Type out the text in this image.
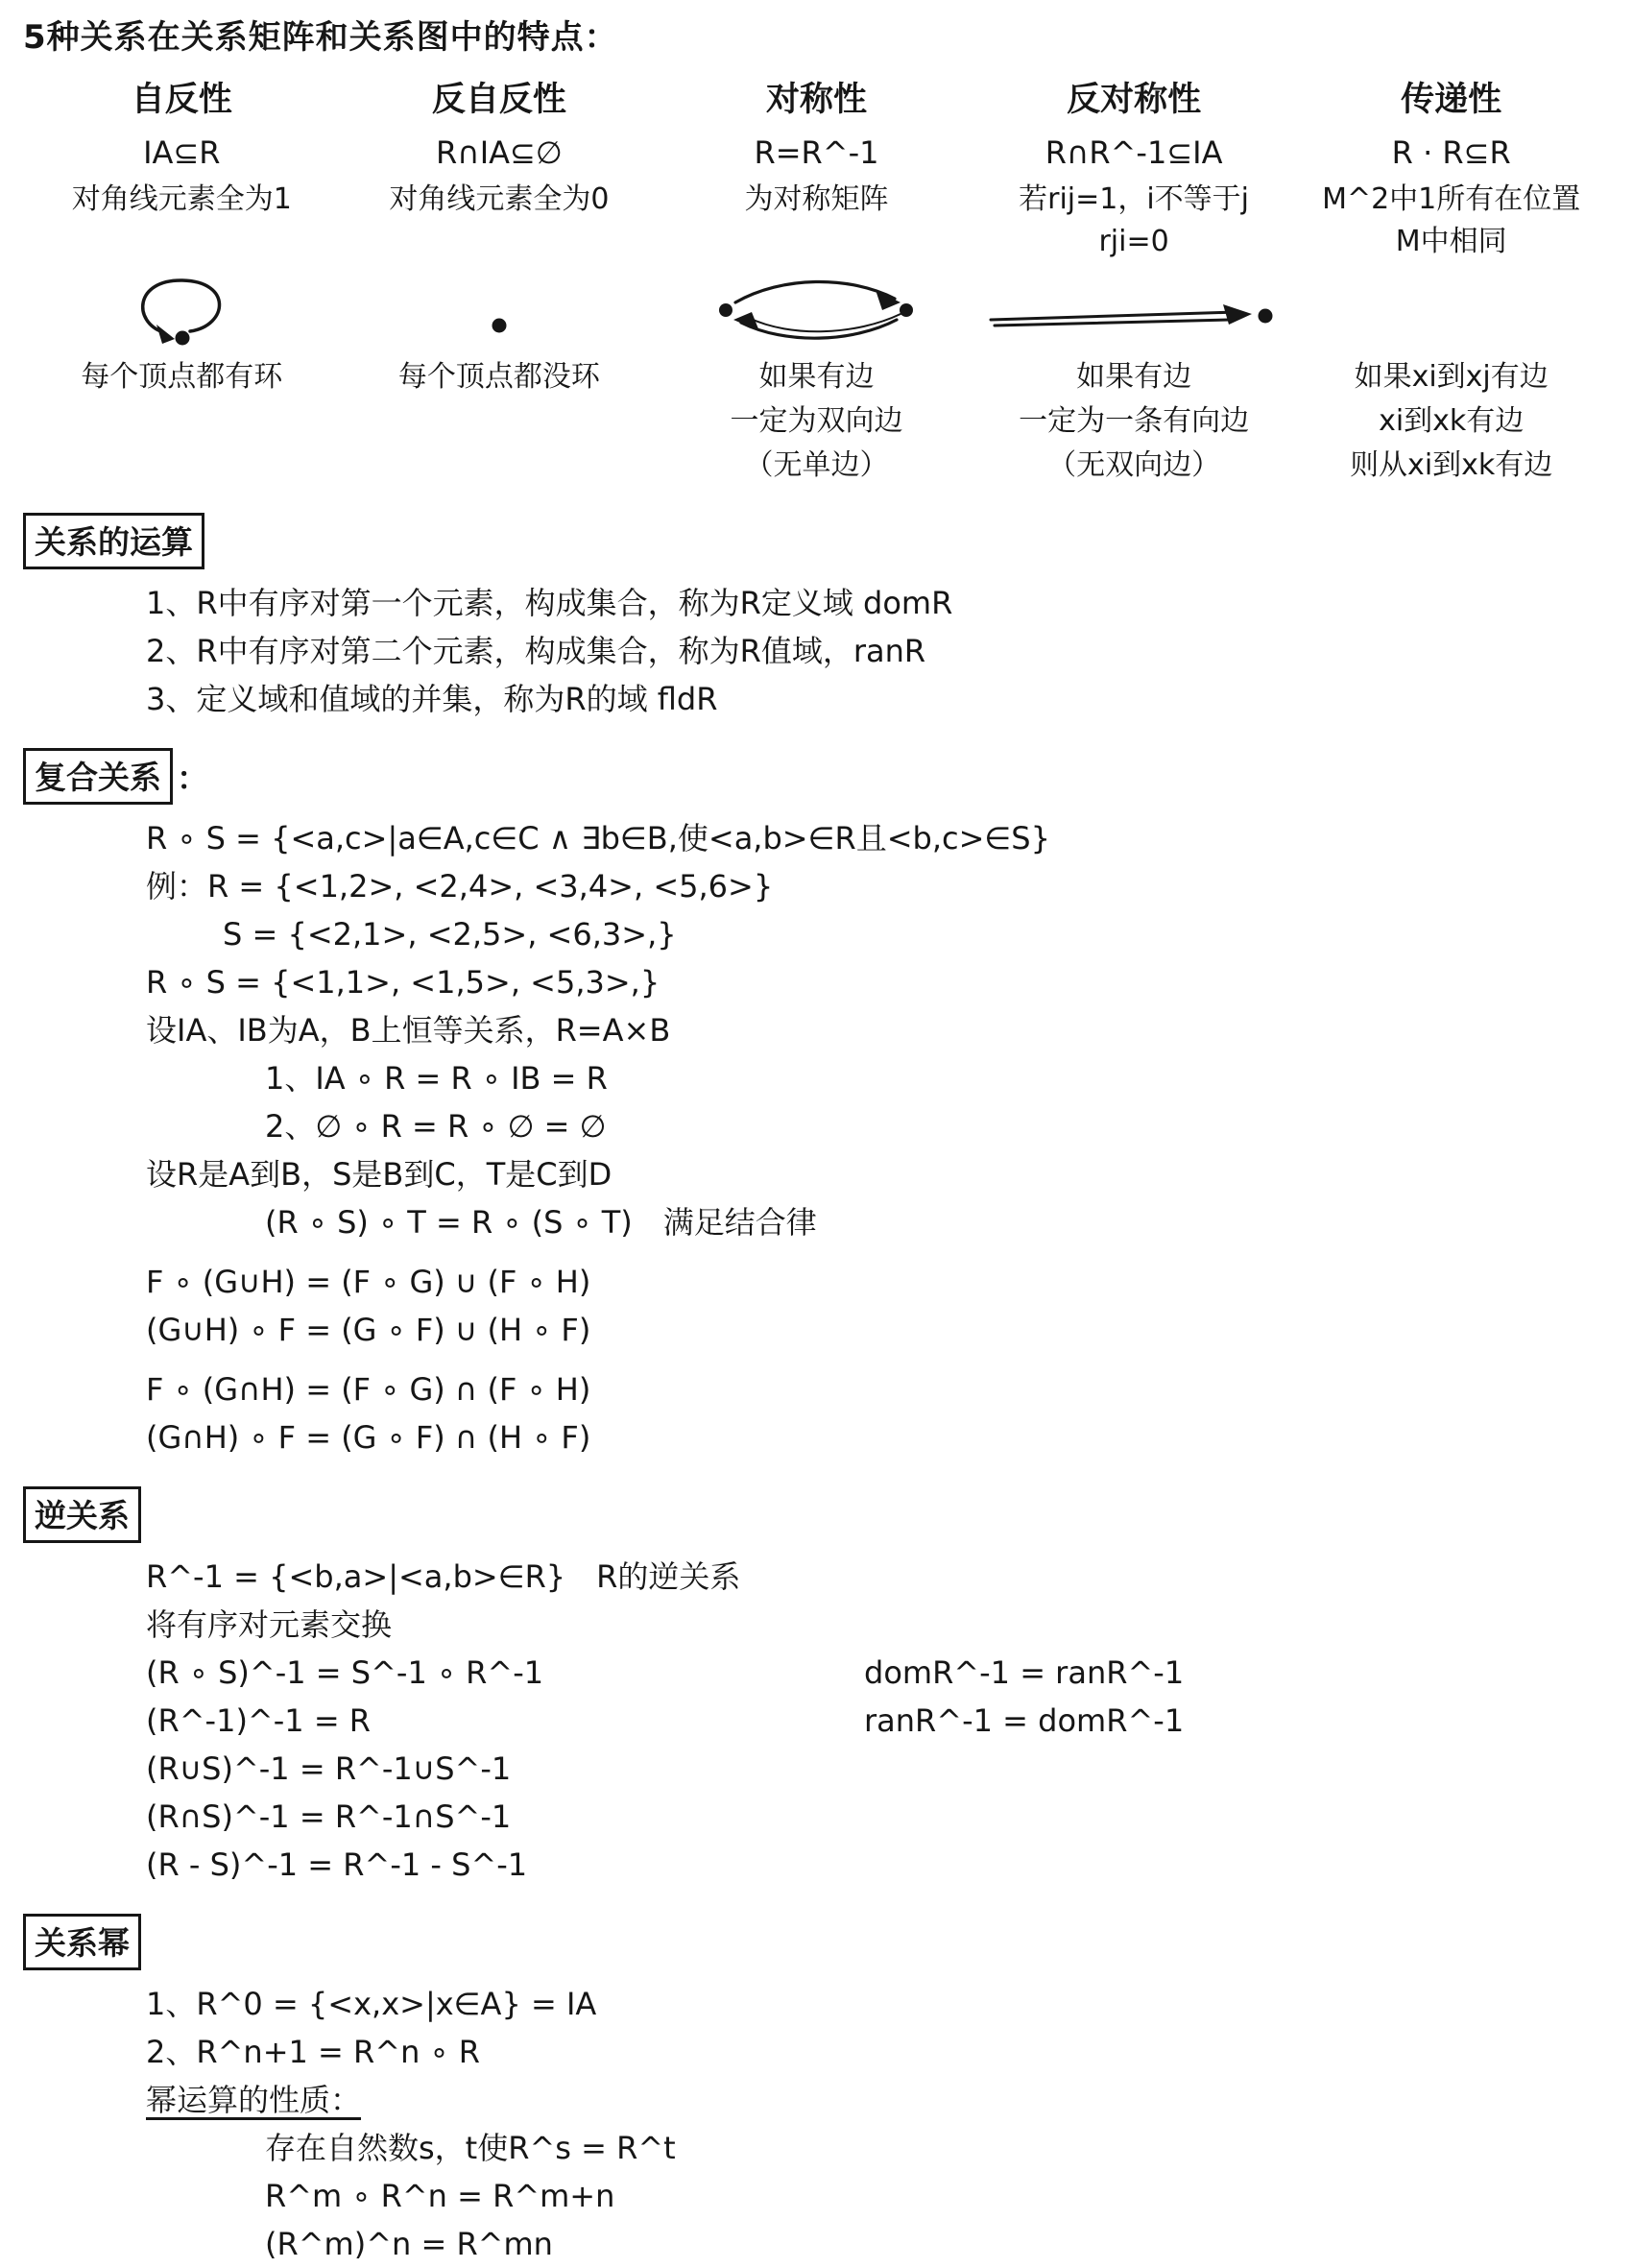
5种关系在关系矩阵和关系图中的特点：
自反性
IA⊆R
对角线元素全为1
每个顶点都有环
反自反性
R∩IA⊆∅
对角线元素全为0
每个顶点都没环
对称性
R=R^-1
为对称矩阵
如果有边
一定为双向边
（无单边）
反对称性
R∩R^-1⊆IA
若rij=1，i不等于j
rji=0
如果有边
一定为一条有向边
（无双向边）
传递性
R · R⊆R
M^2中1所有在位置
M中相同
如果xi到xj有边
xi到xk有边
则从xi到xk有边
关系的运算
1、R中有序对第一个元素，构成集合，称为R定义域 domR
2、R中有序对第二个元素，构成集合，称为R值域，ranR
3、定义域和值域的并集，称为R的域 fldR
复合关系 ：
R ∘ S = {<a,c>|a∈A,c∈C ∧ ∃b∈B,使<a,b>∈R且<b,c>∈S}
例：R = {<1,2>, <2,4>, <3,4>, <5,6>}
S = {<2,1>, <2,5>, <6,3>,}
R ∘ S = {<1,1>, <1,5>, <5,3>,}
设IA、IB为A，B上恒等关系，R=A×B
1、IA ∘ R = R ∘ IB = R
2、∅ ∘ R = R ∘ ∅ = ∅
设R是A到B，S是B到C，T是C到D
(R ∘ S) ∘ T = R ∘ (S ∘ T)　满足结合律
F ∘ (G∪H) = (F ∘ G) ∪ (F ∘ H)
(G∪H) ∘ F = (G ∘ F) ∪ (H ∘ F)
F ∘ (G∩H) = (F ∘ G) ∩ (F ∘ H)
(G∩H) ∘ F = (G ∘ F) ∩ (H ∘ F)
逆关系
R^-1 = {<b,a>|<a,b>∈R}　R的逆关系
将有序对元素交换
(R ∘ S)^-1 = S^-1 ∘ R^-1	domR^-1 = ranR^-1
(R^-1)^-1 = R	ranR^-1 = domR^-1
(R∪S)^-1 = R^-1∪S^-1
(R∩S)^-1 = R^-1∩S^-1
(R - S)^-1 = R^-1 - S^-1
关系幂
1、R^0 = {<x,x>|x∈A} = IA
2、R^n+1 = R^n ∘ R
幂运算的性质：
存在自然数s，t使R^s = R^t
R^m ∘ R^n = R^m+n
(R^m)^n = R^mn
